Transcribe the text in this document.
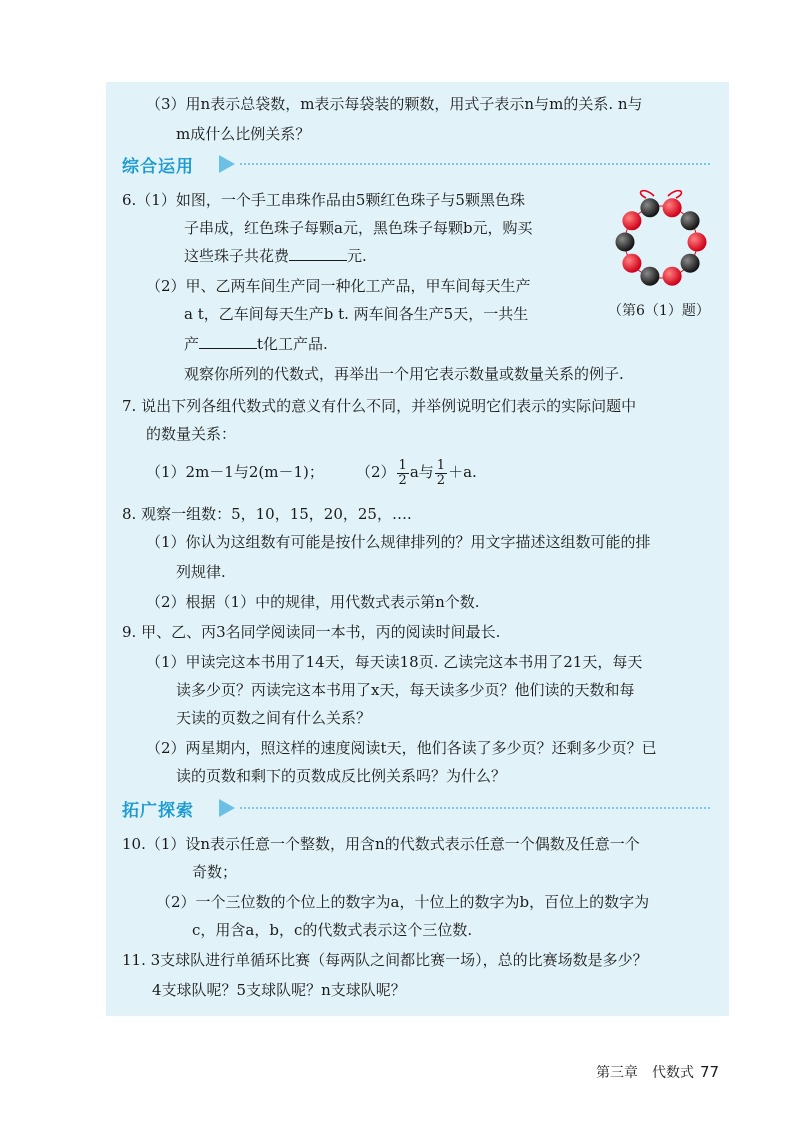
（3）用n表示总袋数，m表示每袋装的颗数，用式子表示n与m的关系. n与
m成什么比例关系？
综合运用
6.（1）如图，一个手工串珠作品由5颗红色珠子与5颗黑色珠
子串成，红色珠子每颗a元，黑色珠子每颗b元，购买
这些珠子共花费	元.
（2）甲、乙两车间生产同一种化工产品，甲车间每天生产
a t，乙车间每天生产b t. 两车间各生产5天，一共生
产	t化工产品.
观察你所列的代数式，再举出一个用它表示数量或数量关系的例子.
（第6（1）题）
7. 说出下列各组代数式的意义有什么不同，并举例说明它们表示的实际问题中
的数量关系：
（1）2m－1与2(m－1)； $(2) \frac{1}{2}$ a与 $\frac{1}{2} +a$.
8. 观察一组数：5，10，15，20，25，….
（1）你认为这组数有可能是按什么规律排列的？用文字描述这组数可能的排
列规律.
（2）根据（1）中的规律，用代数式表示第n个数.
9. 甲、乙、丙3名同学阅读同一本书，丙的阅读时间最长.
（1）甲读完这本书用了14天，每天读18页. 乙读完这本书用了21天，每天
读多少页？丙读完这本书用了x天，每天读多少页？他们读的天数和每
天读的页数之间有什么关系？
（2）两星期内，照这样的速度阅读t天，他们各读了多少页？还剩多少页？已
读的页数和剩下的页数成反比例关系吗？为什么？
拓广探索
10.（1）设n表示任意一个整数，用含n的代数式表示任意一个偶数及任意一个
奇数；
（2）一个三位数的个位上的数字为a，十位上的数字为b，百位上的数字为
c，用含a，b，c的代数式表示这个三位数.
11. 3支球队进行单循环比赛（每两队之间都比赛一场），总的比赛场数是多少？
4支球队呢？5支球队呢？n支球队呢？
第三章　代数式 77
